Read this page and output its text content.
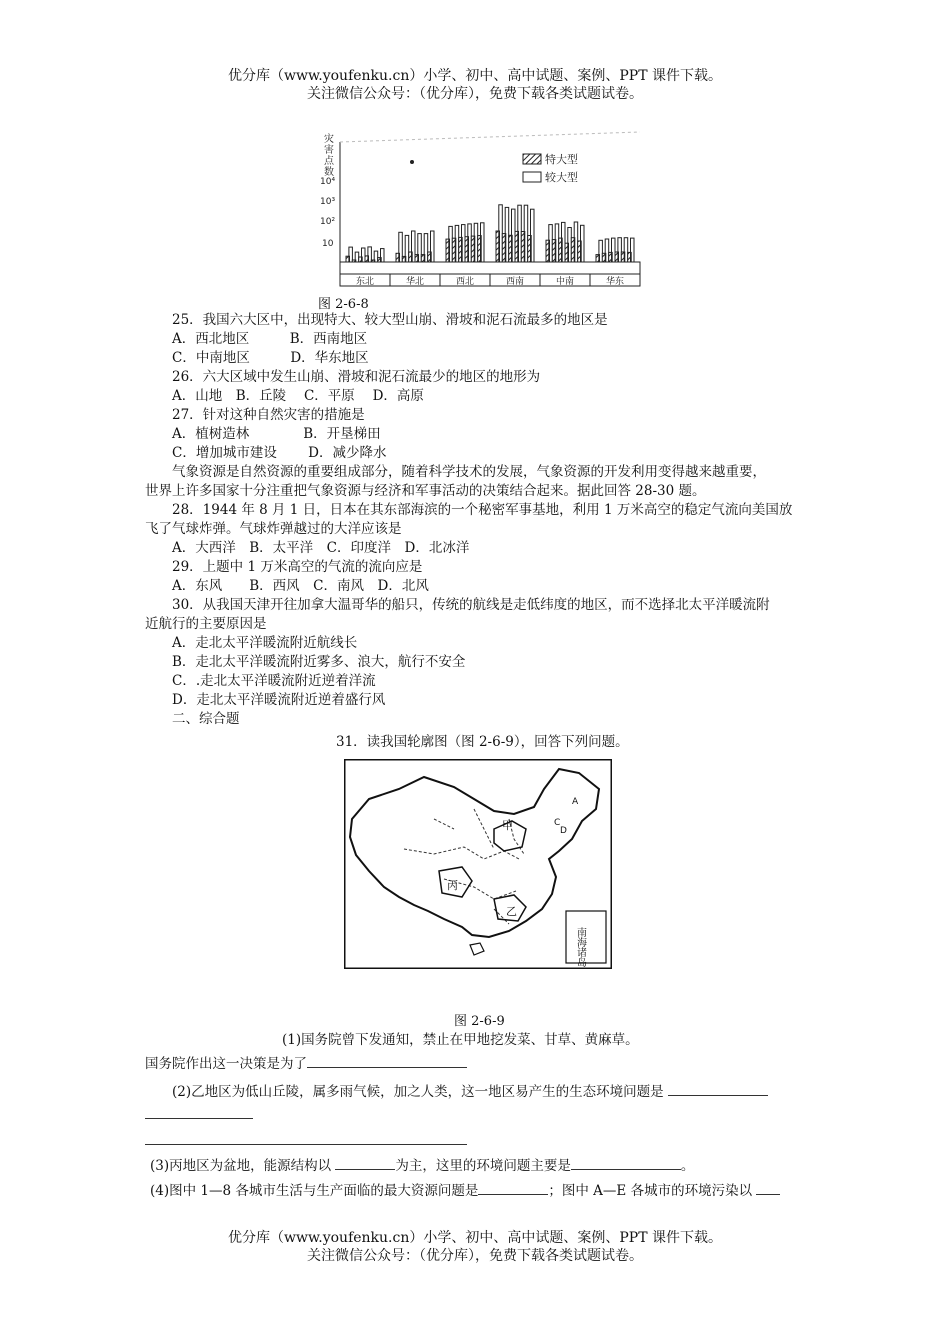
优分库（www.youfenku.cn）小学、初中、高中试题、案例、PPT 课件下载。
关注微信公众号：（优分库），免费下载各类试题试卷。
灾害点数
10⁴
10³
10²
10
特大型
较大型
东北	华北	西北	西南	中南	华东
图 2-6-8
25．我国六大区中，出现特大、较大型山崩、滑坡和泥石流最多的地区是
A．西北地区　　　B．西南地区
C．中南地区　　　D．华东地区
26．六大区域中发生山崩、滑坡和泥石流最少的地区的地形为
A．山地　B．丘陵　 C．平原　 D．高原
27．针对这种自然灾害的措施是
A．植树造林　　　　B．开垦梯田
C．增加城市建设　　 D．减少降水
气象资源是自然资源的重要组成部分，随着科学技术的发展，气象资源的开发利用变得越来越重要，
世界上许多国家十分注重把气象资源与经济和军事活动的决策结合起来。据此回答 28-30 题。
28．1944 年 8 月 1 日，日本在其东部海滨的一个秘密军事基地，利用 1 万米高空的稳定气流向美国放
飞了气球炸弹。气球炸弹越过的大洋应该是
A．大西洋　B．太平洋　C．印度洋　D．北冰洋
29．上题中 1 万米高空的气流的流向应是
A．东风　　B．西风　C．南风　D．北风
30．从我国天津开往加拿大温哥华的船只，传统的航线是走低纬度的地区，而不选择北太平洋暖流附
近航行的主要原因是
A．走北太平洋暖流附近航线长
B．走北太平洋暖流附近雾多、浪大，航行不安全
C．.走北太平洋暖流附近逆着洋流
D．走北太平洋暖流附近逆着盛行风
二、综合题
31．读我国轮廓图（图 2-6-9），回答下列问题。
甲
丙
乙
A
C
D
南海诸岛
图 2-6-9
(1)国务院曾下发通知，禁止在甲地挖发菜、甘草、黄麻草。
国务院作出这一决策是为了
(2)乙地区为低山丘陵，属多雨气候，加之人类，这一地区易产生的生态环境问题是
(3)丙地区为盆地，能源结构以	为主，这里的环境问题主要是	。
(4)图中 1—8 各城市生活与生产面临的最大资源问题是	；图中 A—E 各城市的环境污染以
优分库（www.youfenku.cn）小学、初中、高中试题、案例、PPT 课件下载。
关注微信公众号：（优分库），免费下载各类试题试卷。
